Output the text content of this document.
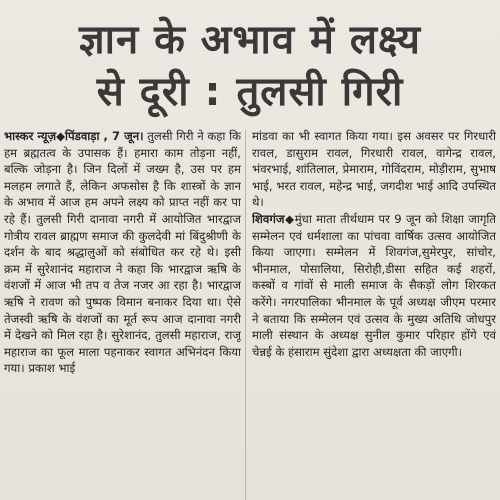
ज्ञान के अभाव में लक्ष्य
से दूरी : तुलसी गिरी

भास्कर न्यूज़◆पिंडवाड़ा , 7 जून। तुलसी गिरी ने कहा कि हम ब्रह्मतत्व के उपासक हैं। हमारा काम तोड़ना नहीं, बल्कि जोड़ना है। जिन दिलों में जख्म है, उस पर हम मलहम लगाते हैं, लेकिन अफसोस है कि शास्त्रों के ज्ञान के अभाव में आज हम अपने लक्ष्य को प्राप्त नहीं कर पा रहे हैं। तुलसी गिरी दानावा नगरी में आयोजित भारद्वाज गोत्रीय रावल ब्राह्मण समाज की कुलदेवी मां बिंदुश्रीणी के दर्शन के बाद श्रद्धालुओं को संबोधित कर रहे थे। इसी क्रम में सुरेशानंद महाराज ने कहा कि भारद्वाज ऋषि के वंशजों में आज भी तप व तेज नजर आ रहा है। भारद्वाज ऋषि ने रावण को पुष्पक विमान बनाकर दिया था। ऐसे तेजस्वी ऋषि के वंशजों का मूर्त रूप आज दानावा नगरी में देखने को मिल रहा है। सुरेशानंद, तुलसी महाराज, राजू महाराज का फूल माला पहनाकर स्वागत अभिनंदन किया गया। प्रकाश भाई

मांडवा का भी स्वागत किया गया। इस अवसर पर गिरधारी रावल, डासुराम रावल, गिरधारी रावल, वागेन्द्र रावल, भंवरभाई, शांतिलाल, प्रेमाराम, गोविंदराम, मोड़ीराम, सुभाष भाई, भरत रावल, महेन्द्र भाई, जगदीश भाई आदि उपस्थित थे।

शिवगंज◆मुंधा माता तीर्थधाम पर 9 जून को शिक्षा जागृति सम्मेलन एवं धर्मशाला का पांचवा वार्षिक उत्सव आयोजित किया जाएगा। सम्मेलन में शिवगंज,सुमेरपुर, सांचोर, भीनमाल, पोसालिया, सिरोही,डीसा सहित कई शहरों, कस्बों व गांवों से माली समाज के सैकड़ों लोग शिरकत करेंगे। नगरपालिका भीनमाल के पूर्व अध्यक्ष जीएम परमार ने बताया कि सम्मेलन एवं उत्सव के मुख्य अतिथि जोधपुर माली संस्थान के अध्यक्ष सुनील कुमार परिहार होंगे एवं चेन्नई के हंसाराम सुंदेशा द्वारा अध्यक्षता की जाएगी।
